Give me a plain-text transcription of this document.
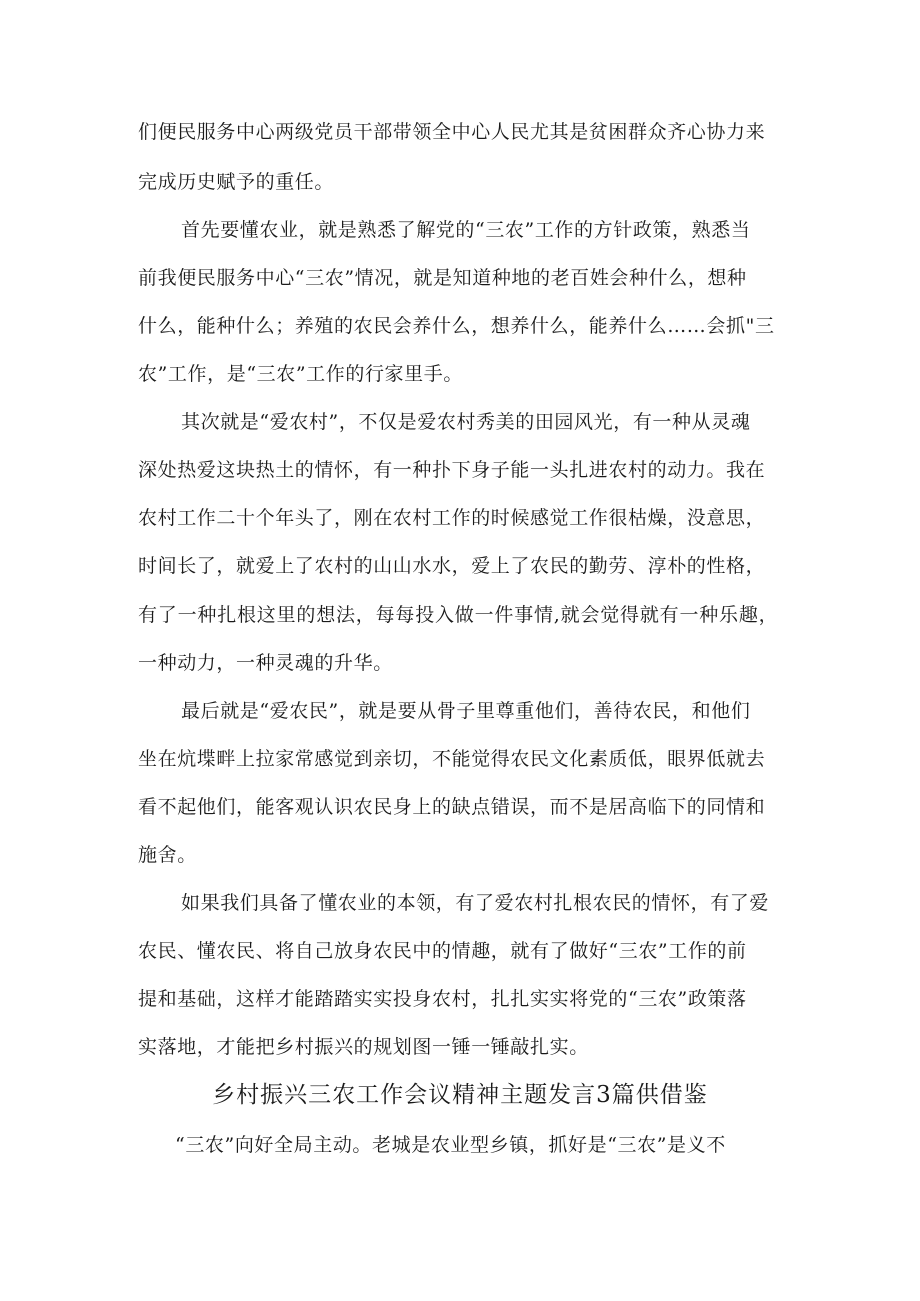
们便民服务中心两级党员干部带领全中心人民尤其是贫困群众齐心协力来
完成历史赋予的重任。
首先要懂农业，就是熟悉了解党的“三农”工作的方针政策，熟悉当
前我便民服务中心“三农”情况，就是知道种地的老百姓会种什么，想种
什么，能种什么；养殖的农民会养什么，想养什么，能养什么……会抓"三
农”工作，是“三农”工作的行家里手。
其次就是“爱农村”，不仅是爱农村秀美的田园风光，有一种从灵魂
深处热爱这块热土的情怀，有一种扑下身子能一头扎进农村的动力。我在
农村工作二十个年头了，刚在农村工作的时候感觉工作很枯燥，没意思，
时间长了，就爱上了农村的山山水水，爱上了农民的勤劳、淳朴的性格，
有了一种扎根这里的想法，每每投入做一件事情,就会觉得就有一种乐趣，
一种动力，一种灵魂的升华。
最后就是“爱农民”，就是要从骨子里尊重他们，善待农民，和他们
坐在炕堞畔上拉家常感觉到亲切，不能觉得农民文化素质低，眼界低就去
看不起他们，能客观认识农民身上的缺点错误，而不是居高临下的同情和
施舍。
如果我们具备了懂农业的本领，有了爱农村扎根农民的情怀，有了爱
农民、懂农民、将自己放身农民中的情趣，就有了做好“三农”工作的前
提和基础，这样才能踏踏实实投身农村，扎扎实实将党的“三农”政策落
实落地，才能把乡村振兴的规划图一锤一锤敲扎实。
乡村振兴三农工作会议精神主题发言3篇供借鉴
“三农”向好全局主动。老城是农业型乡镇，抓好是“三农”是义不
